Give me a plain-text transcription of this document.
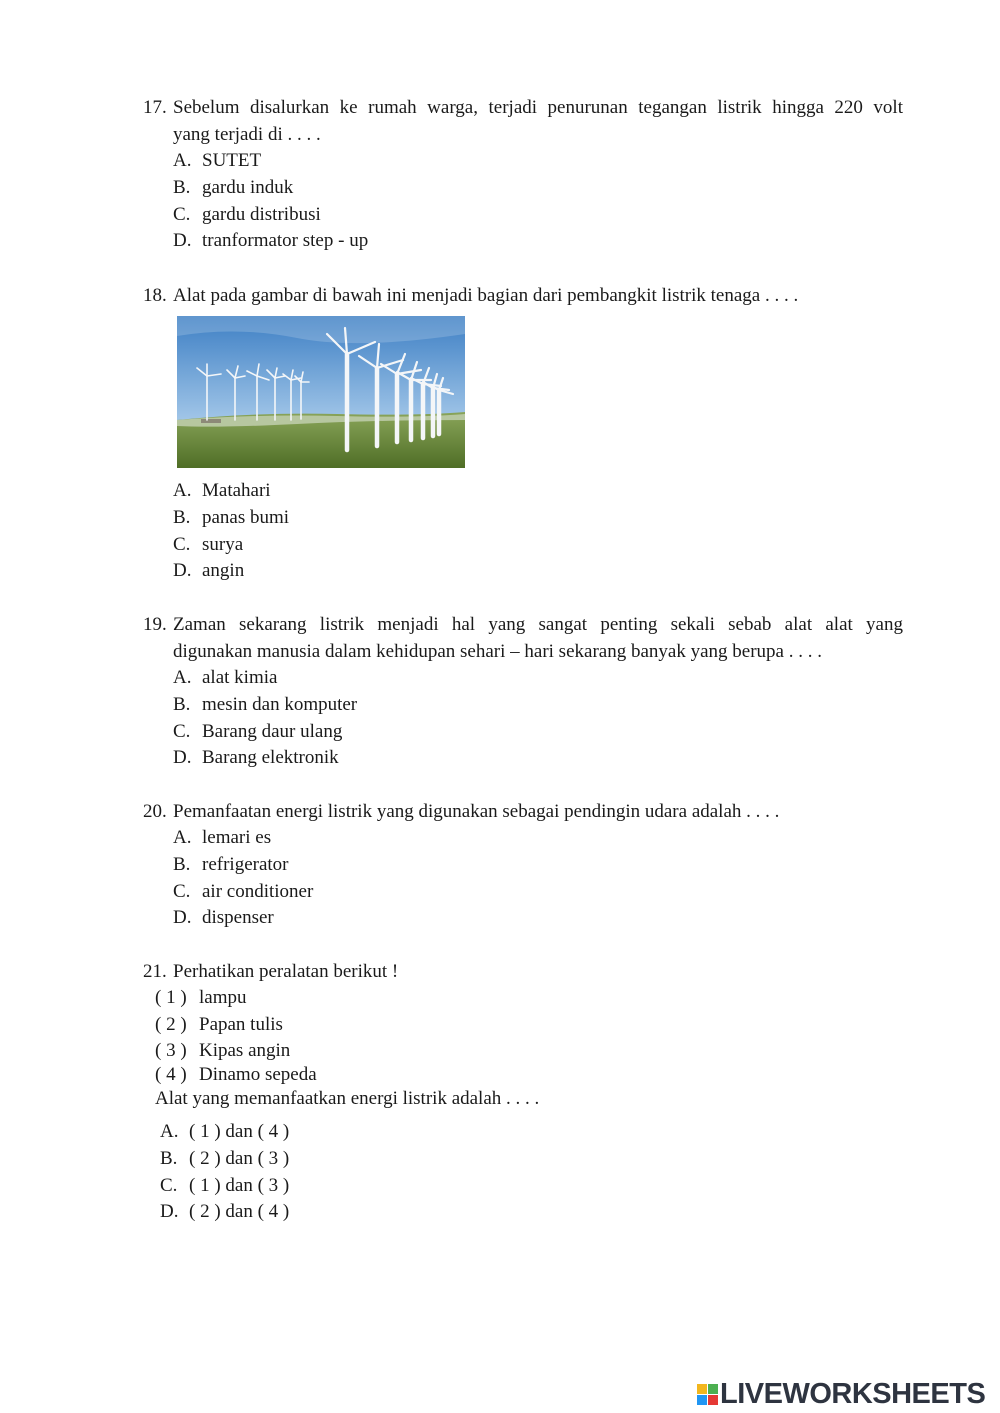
17. Sebelum disalurkan ke rumah warga, terjadi penurunan tegangan listrik hingga 220 volt
yang terjadi di . . . .
A. SUTET
B. gardu induk
C. gardu distribusi
D. tranformator step - up
18. Alat pada gambar di bawah ini menjadi bagian dari pembangkit listrik tenaga . . . .
A. Matahari
B. panas bumi
C. surya
D. angin
19. Zaman sekarang listrik menjadi hal yang sangat penting sekali sebab alat alat yang
digunakan manusia dalam kehidupan sehari – hari sekarang banyak yang berupa . . . .
A. alat kimia
B. mesin dan komputer
C. Barang daur ulang
D. Barang elektronik
20. Pemanfaatan energi listrik yang digunakan sebagai pendingin udara adalah . . . .
A. lemari es
B. refrigerator
C. air conditioner
D. dispenser
21. Perhatikan peralatan berikut !
( 1 ) lampu
( 2 ) Papan tulis
( 3 ) Kipas angin
( 4 ) Dinamo sepeda
Alat yang memanfaatkan energi listrik adalah . . . .
A. ( 1 ) dan ( 4 )
B. ( 2 ) dan ( 3 )
C. ( 1 ) dan ( 3 )
D. ( 2 ) dan ( 4 )
LIVEWORKSHEETS
